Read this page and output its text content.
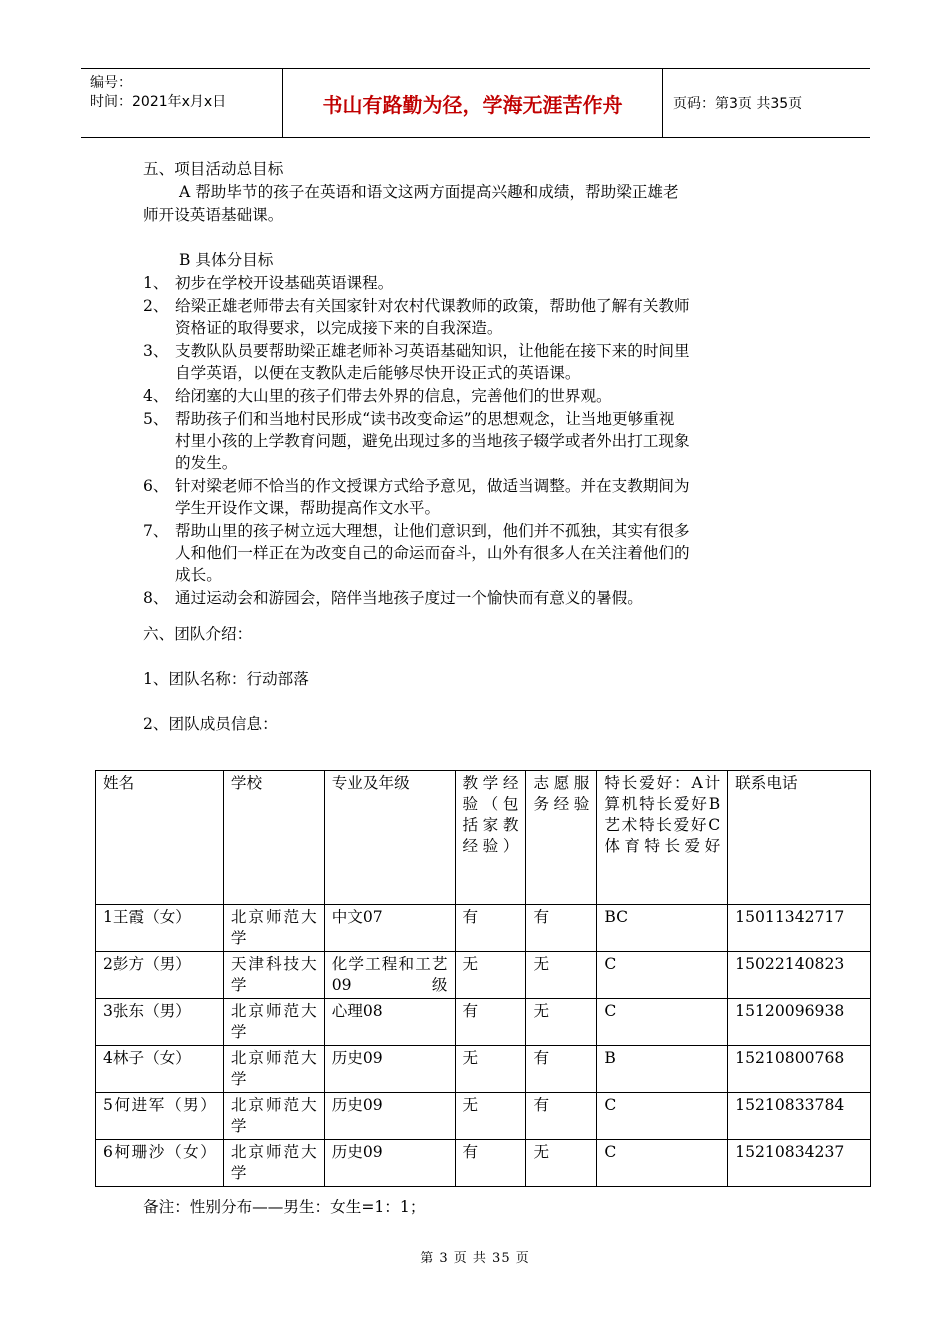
编号：
时间：2021年x月x日	书山有路勤为径，学海无涯苦作舟	页码：第3页 共35页
五、项目活动总目标
A 帮助毕节的孩子在英语和语文这两方面提高兴趣和成绩，帮助梁正雄老
师开设英语基础课。
B 具体分目标
1、 初步在学校开设基础英语课程。
2、 给梁正雄老师带去有关国家针对农村代课教师的政策，帮助他了解有关教师
资格证的取得要求，以完成接下来的自我深造。
3、 支教队队员要帮助梁正雄老师补习英语基础知识，让他能在接下来的时间里
自学英语，以便在支教队走后能够尽快开设正式的英语课。
4、 给闭塞的大山里的孩子们带去外界的信息，完善他们的世界观。
5、 帮助孩子们和当地村民形成“读书改变命运”的思想观念，让当地更够重视
村里小孩的上学教育问题，避免出现过多的当地孩子辍学或者外出打工现象
的发生。
6、 针对梁老师不恰当的作文授课方式给予意见，做适当调整。并在支教期间为
学生开设作文课，帮助提高作文水平。
7、 帮助山里的孩子树立远大理想，让他们意识到，他们并不孤独，其实有很多
人和他们一样正在为改变自己的命运而奋斗，山外有很多人在关注着他们的
成长。
8、 通过运动会和游园会，陪伴当地孩子度过一个愉快而有意义的暑假。
六、团队介绍：
1、团队名称：行动部落
2、团队成员信息：
姓名	学校	专业及年级	教学经验（包括家教经验）	志愿服务经验	特长爱好：A计算机特长爱好B艺术特长爱好C体育特长爱好	联系电话
1王霞（女）	北京师范大学	中文07	有	有	BC	15011342717
2彭方（男）	天津科技大学	化学工程和工艺09级	无	无	C	15022140823
3张东（男）	北京师范大学	心理08	有	无	C	15120096938
4林子（女）	北京师范大学	历史09	无	有	B	15210800768
5何进军（男）	北京师范大学	历史09	无	有	C	15210833784
6柯珊沙（女）	北京师范大学	历史09	有	无	C	15210834237
备注：性别分布——男生：女生=1：1；
第 3 页 共 35 页
